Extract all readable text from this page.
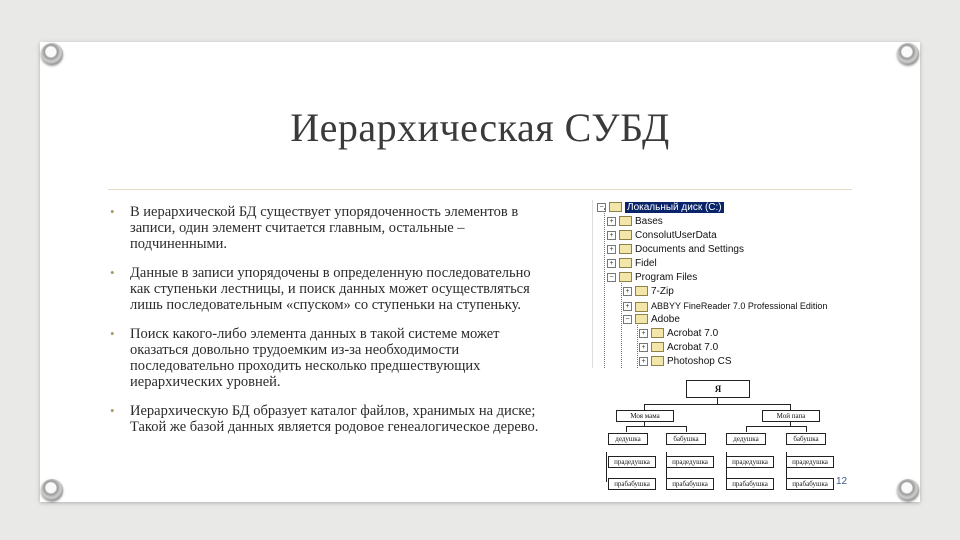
Иерархическая СУБД
• В иерархической БД существует упорядоченность элементов в
записи, один элемент считается главным, остальные –
подчиненными.
• Данные в записи упорядочены в определенную последовательно
как ступеньки лестницы, и поиск данных может осуществляться
лишь последовательным «спуском» со ступеньки на ступеньку.
• Поиск какого-либо элемента данных в такой системе может
оказаться довольно трудоемким из-за необходимости
последовательно проходить несколько предшествующих
иерархических уровней.
• Иерархическую БД образует каталог файлов, хранимых на диске;
Такой же базой данных является родовое генеалогическое дерево.
− Локальный диск (C:)
+ Bases
+ ConsolutUserData
+ Documents and Settings
+ Fidel
− Program Files
+ 7-Zip
+ ABBYY FineReader 7.0 Professional Edition
− Adobe
+ Acrobat 7.0
+ Acrobat 7.0
+ Photoshop CS
Я
Моя мама	Мой папа
дедушка	бабушка	дедушка	бабушка
прадедушка	прадедушка	прадедушка	прадедушка
прабабушка	прабабушка	прабабушка	прабабушка 12
